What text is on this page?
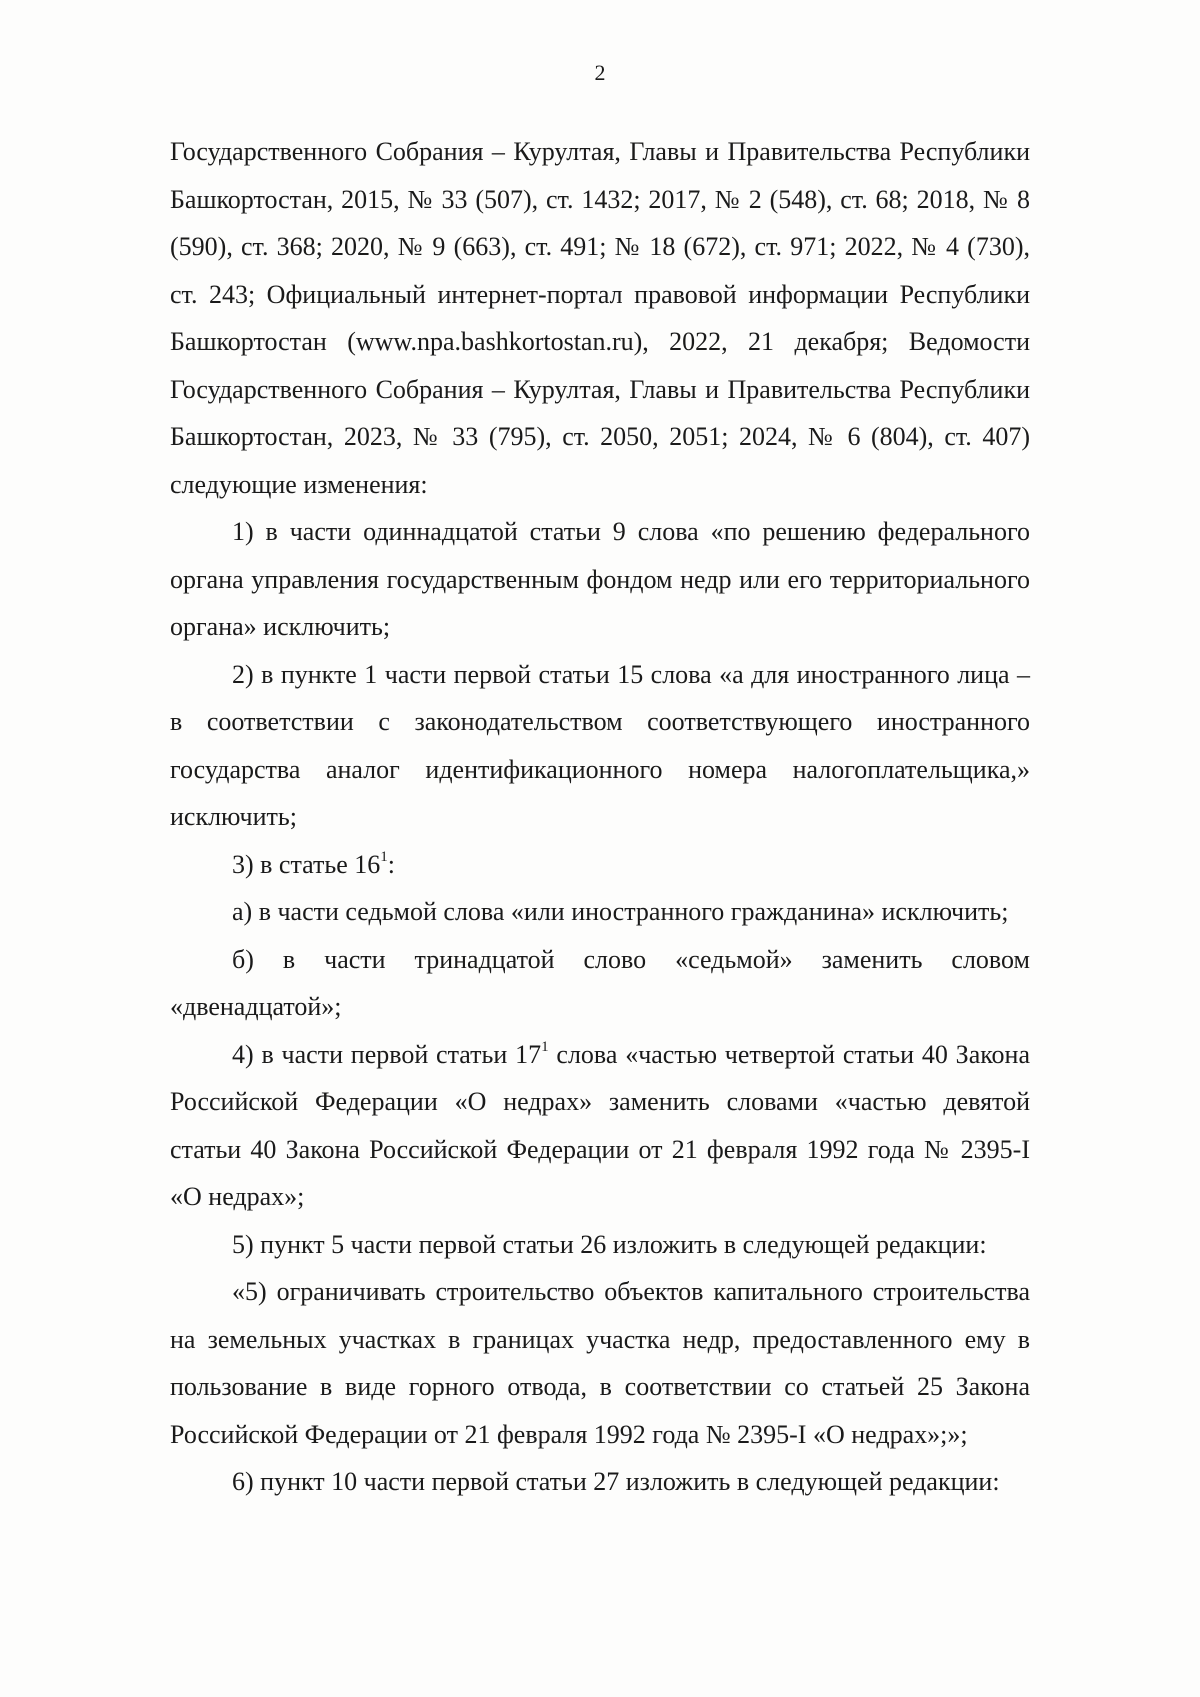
2

Государственного Собрания – Курултая, Главы и Правительства Республики Башкортостан, 2015, № 33 (507), ст. 1432; 2017, № 2 (548), ст. 68; 2018, № 8 (590), ст. 368; 2020, № 9 (663), ст. 491; № 18 (672), ст. 971; 2022, № 4 (730), ст. 243; Официальный интернет-портал правовой информации Республики Башкортостан (www.npa.bashkortostan.ru), 2022, 21 декабря; Ведомости Государственного Собрания – Курултая, Главы и Правительства Республики Башкортостан, 2023, № 33 (795), ст. 2050, 2051; 2024, № 6 (804), ст. 407) следующие изменения:

1) в части одиннадцатой статьи 9 слова «по решению федерального органа управления государственным фондом недр или его территориального органа» исключить;

2) в пункте 1 части первой статьи 15 слова «а для иностранного лица – в соответствии с законодательством соответствующего иностранного государства аналог идентификационного номера налогоплательщика,» исключить;

3) в статье $16^1$:

а) в части седьмой слова «или иностранного гражданина» исключить;

б) в части тринадцатой слово «седьмой» заменить словом «двенадцатой»;

4) в части первой статьи $17^1$ слова «частью четвертой статьи 40 Закона Российской Федерации «О недрах» заменить словами «частью девятой статьи 40 Закона Российской Федерации от 21 февраля 1992 года № 2395-I «О недрах»;

5) пункт 5 части первой статьи 26 изложить в следующей редакции:

«5) ограничивать строительство объектов капитального строительства на земельных участках в границах участка недр, предоставленного ему в пользование в виде горного отвода, в соответствии со статьей 25 Закона Российской Федерации от 21 февраля 1992 года № 2395-I «О недрах»;»;

6) пункт 10 части первой статьи 27 изложить в следующей редакции:
